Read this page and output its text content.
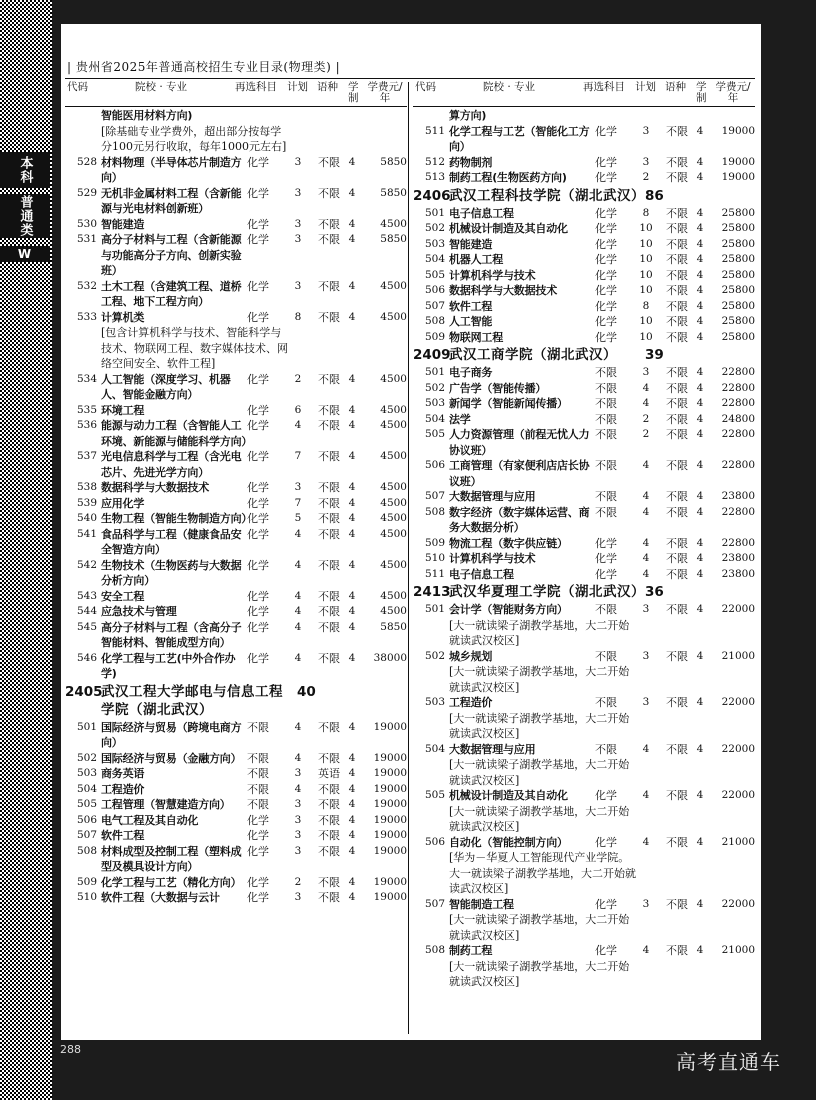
本科
普通类
W
| 贵州省2025年普通高校招生专业目录(物理类) |
代码	院校 · 专业	再选科目 计划 语种 学制
学费元/年
代码	院校 · 专业	再选科目 计划 语种 学制
学费元/年
智能医用材料方向)
[除基础专业学费外，超出部分按每学分100元另行收取，每年1000元左右]
528 材料物理（半导体芯片制造方向）
化学	3	不限 4	5850
529 无机非金属材料工程（含新能源与光电材料创新班）
化学	3	不限 4	5850
530 智能建造	化学	3	不限 4	4500
531 高分子材料与工程（含新能源与功能高分子方向、创新实验班）
化学	3	不限 4	5850
532 土木工程（含建筑工程、道桥工程、地下工程方向）
化学	3	不限 4	4500
533 计算机类	化学	8	不限 4	4500
[包含计算机科学与技术、智能科学与技术、物联网工程、数字媒体技术、网络空间安全、软件工程]
534 人工智能（深度学习、机器人、智能金融方向）
化学	2	不限 4	4500
535 环境工程	化学	6	不限 4	4500
536 能源与动力工程（含智能人工环境、新能源与储能科学方向）
化学	4	不限 4	4500
537 光电信息科学与工程（含光电芯片、先进光学方向）
化学	7	不限 4	4500
538 数据科学与大数据技术	化学	3	不限 4	4500
539 应用化学	化学	7	不限 4	4500
540 生物工程（智能生物制造方向）
化学	5	不限 4	4500
541 食品科学与工程（健康食品安全智造方向）
化学	4	不限 4	4500
542 生物技术（生物医药与大数据分析方向）
化学	4	不限 4	4500
543 安全工程	化学	4	不限 4	4500
544 应急技术与管理	化学	4	不限 4	4500
545 高分子材料与工程（含高分子智能材料、智能成型方向）
化学	4	不限 4	5850
546 化学工程与工艺(中外合作办学)
化学	4	不限 4	38000
2405
武汉工程大学邮电与信息工程学院（湖北武汉）
40
501 国际经济与贸易（跨境电商方向）
不限	4	不限 4	19000
502 国际经济与贸易（金融方向） 不限	4	不限 4	19000
503 商务英语	不限	3	英语 4	19000
504 工程造价	不限	4	不限 4	19000
505 工程管理（智慧建造方向）	不限	3	不限 4	19000
506 电气工程及其自动化	化学	3	不限 4	19000
507 软件工程	化学	3	不限 4	19000
508 材料成型及控制工程（塑料成型及模具设计方向）
化学	3	不限 4	19000
509 化学工程与工艺（精化方向） 化学	2	不限 4	19000
510 软件工程（大数据与云计	化学	3	不限 4	19000
算方向)
511 化学工程与工艺（智能化工方向）
化学	3	不限 4	19000
512 药物制剂	化学	3	不限 4	19000
513 制药工程(生物医药方向)	化学	2	不限 4	19000
2406
武汉工程科技学院（湖北武汉） 86
501 电子信息工程	化学	8	不限 4	25800
502 机械设计制造及其自动化	化学	10	不限 4	25800
503 智能建造	化学	10	不限 4	25800
504 机器人工程	化学	10	不限 4	25800
505 计算机科学与技术	化学	10	不限 4	25800
506 数据科学与大数据技术	化学	10	不限 4	25800
507 软件工程	化学	8	不限 4	25800
508 人工智能	化学	10	不限 4	25800
509 物联网工程	化学	10	不限 4	25800
2409
武汉工商学院（湖北武汉）	39
501 电子商务	不限	3	不限 4	22800
502 广告学（智能传播）	不限	4	不限 4	22800
503 新闻学（智能新闻传播）	不限	4	不限 4	22800
504 法学	不限	2	不限 4	24800
505 人力资源管理（前程无忧人力协议班）
不限	2	不限 4	22800
506 工商管理（有家便利店店长协议班）
不限	4	不限 4	22800
507 大数据管理与应用	不限	4	不限 4	23800
508 数字经济（数字媒体运营、商务大数据分析）
不限	4	不限 4	22800
509 物流工程（数字供应链）	化学	4	不限 4	22800
510 计算机科学与技术	化学	4	不限 4	23800
511 电子信息工程	化学	4	不限 4	23800
2413
武汉华夏理工学院（湖北武汉） 36
501 会计学（智能财务方向）	不限	3	不限 4	22000
[大一就读梁子湖教学基地，大二开始就读武汉校区]
502 城乡规划	不限	3	不限 4	21000
[大一就读梁子湖教学基地，大二开始就读武汉校区]
503 工程造价	不限	3	不限 4	22000
[大一就读梁子湖教学基地，大二开始就读武汉校区]
504 大数据管理与应用	不限	4	不限 4	22000
[大一就读梁子湖教学基地，大二开始就读武汉校区]
505 机械设计制造及其自动化	化学	4	不限 4	22000
[大一就读梁子湖教学基地，大二开始就读武汉校区]
506 自动化（智能控制方向）	化学	4	不限 4	21000
[华为－华夏人工智能现代产业学院。大一就读梁子湖教学基地，大二开始就读武汉校区]
507 智能制造工程	化学	3	不限 4	22000
[大一就读梁子湖教学基地，大二开始就读武汉校区]
508 制药工程	化学	4	不限 4	21000
[大一就读梁子湖教学基地，大二开始就读武汉校区]
288
高考直通车
